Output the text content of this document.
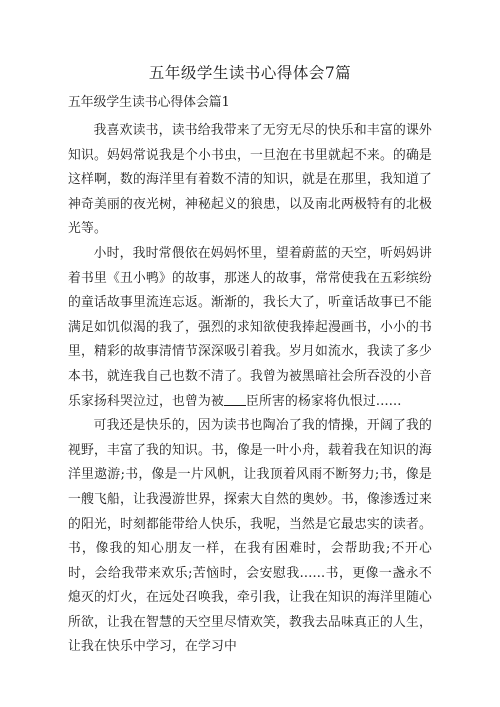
五年级学生读书心得体会7篇
五年级学生读书心得体会篇1

我喜欢读书，读书给我带来了无穷无尽的快乐和丰富的课外知识。妈妈常说我是个小书虫，一旦泡在书里就起不来。的确是这样啊，数的海洋里有着数不清的知识，就是在那里，我知道了神奇美丽的夜光树，神秘起义的狼患，以及南北两极特有的北极光等。

小时，我时常偎依在妈妈怀里，望着蔚蓝的天空，听妈妈讲着书里《丑小鸭》的故事，那迷人的故事，常常使我在五彩缤纷的童话故事里流连忘返。渐渐的，我长大了，听童话故事已不能满足如饥似渴的我了，强烈的求知欲使我捧起漫画书，小小的书里，精彩的故事清情节深深吸引着我。岁月如流水，我读了多少本书，就连我自己也数不清了。我曾为被黑暗社会所吞没的小音乐家扬科哭泣过，也曾为被 臣所害的杨家将仇恨过......

可我还是快乐的，因为读书也陶冶了我的情操，开阔了我的视野，丰富了我的知识。书，像是一叶小舟，载着我在知识的海洋里遨游;书，像是一片风帆，让我顶着风雨不断努力;书，像是一艘飞船，让我漫游世界，探索大自然的奥妙。书，像渗透过来的阳光，时刻都能带给人快乐，我呢，当然是它最忠实的读者。书，像我的知心朋友一样，在我有困难时，会帮助我;不开心时，会给我带来欢乐;苦恼时，会安慰我......书，更像一盏永不熄灭的灯火，在远处召唤我，牵引我，让我在知识的海洋里随心所欲，让我在智慧的天空里尽情欢笑，教我去品味真正的人生，让我在快乐中学习，在学习中
